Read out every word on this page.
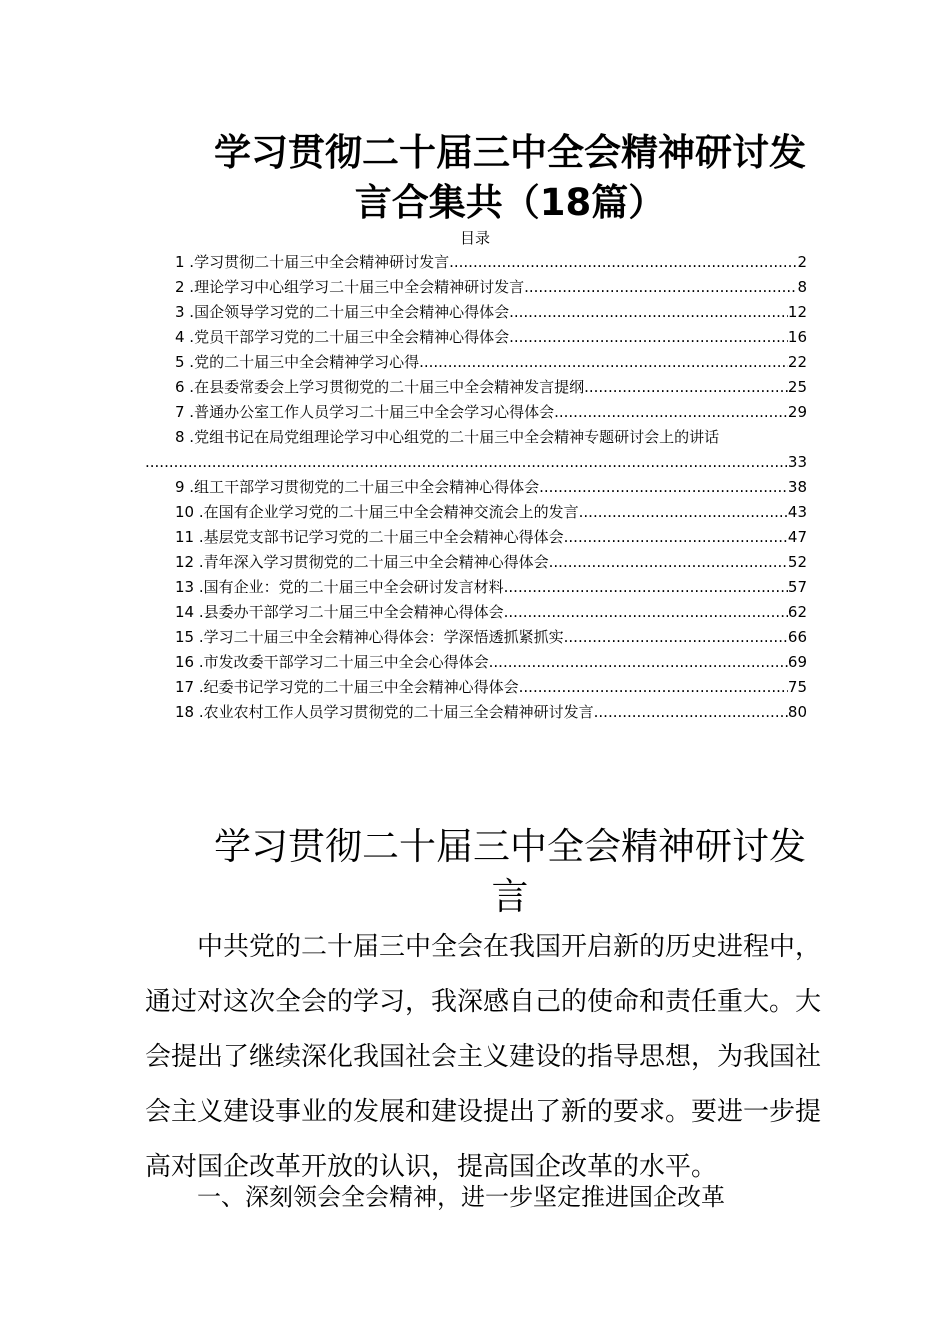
学习贯彻二十届三中全会精神研讨发
言合集共（18篇）
目录
1 . 学习贯彻二十届三中全会精神研讨发言 .....	2
2 . 理论学习中心组学习二十届三中全会精神研讨发言 .....	8
3 . 国企领导学习党的二十届三中全会精神心得体会 .....	12
4 . 党员干部学习党的二十届三中全会精神心得体会 .....	16
5 . 党的二十届三中全会精神学习心得 .....	22
6 . 在县委常委会上学习贯彻党的二十届三中全会精神发言提纲 .....	25
7 . 普通办公室工作人员学习二十届三中全会学习心得体会 .....	29
8 . 党组书记在局党组理论学习中心组党的二十届三中全会精神专题研讨会上的讲话
.....
33
9 . 组工干部学习贯彻党的二十届三中全会精神心得体会 .....	38
10 . 在国有企业学习党的二十届三中全会精神交流会上的发言 .....	43
11 . 基层党支部书记学习党的二十届三中全会精神心得体会 .....	47
12 . 青年深入学习贯彻党的二十届三中全会精神心得体会 .....	52
13 . 国有企业：党的二十届三中全会研讨发言材料 .....	57
14 . 县委办干部学习二十届三中全会精神心得体会 .....	62
15 . 学习二十届三中全会精神心得体会：学深悟透抓紧抓实 .....	66
16 . 市发改委干部学习二十届三中全会心得体会 .....	69
17 . 纪委书记学习党的二十届三中全会精神心得体会 .....	75
18 . 农业农村工作人员学习贯彻党的二十届三全会精神研讨发言 .....	80
学习贯彻二十届三中全会精神研讨发
言

中共党的二十届三中全会在我国开启新的历史进程中，通过对这次全会的学习，我深感自己的使命和责任重大。大会提出了继续深化我国社会主义建设的指导思想，为我国社会主义建设事业的发展和建设提出了新的要求。要进一步提高对国企改革开放的认识，提高国企改革的水平。

一、深刻领会全会精神，进一步坚定推进国企改革
